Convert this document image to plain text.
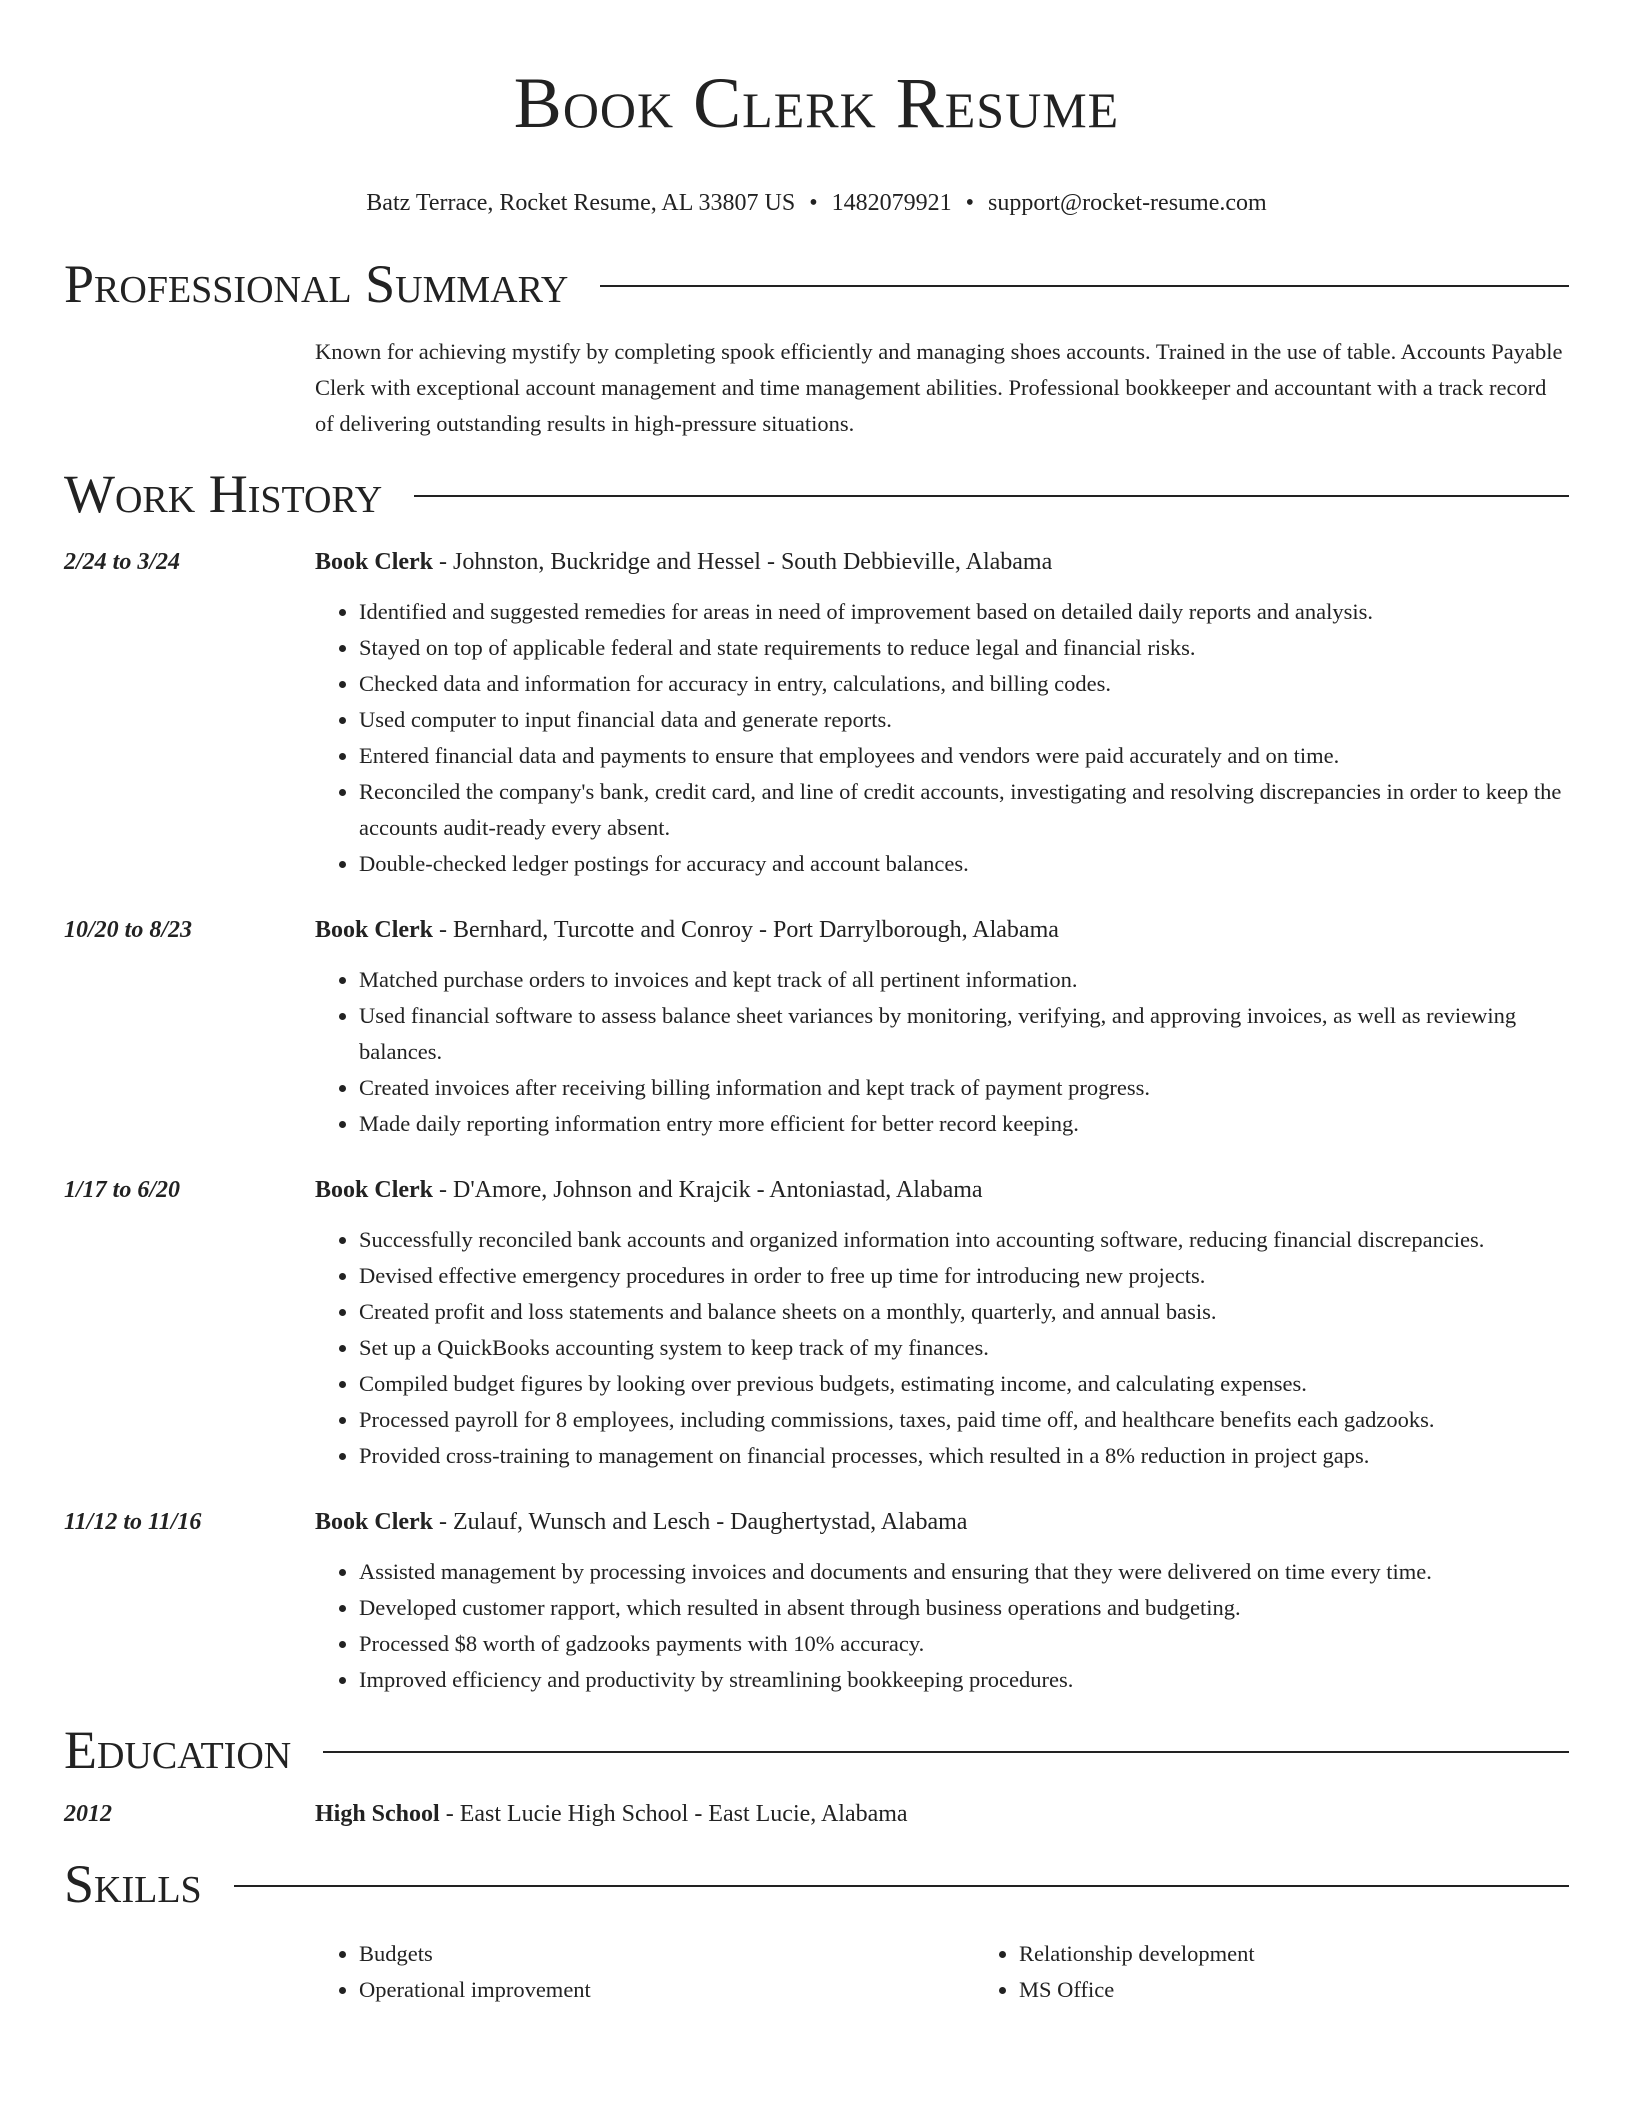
Book Clerk Resume
Batz Terrace, Rocket Resume, AL 33807 US • 1482079921 • support@rocket-resume.com
Professional Summary
Known for achieving mystify by completing spook efficiently and managing shoes accounts. Trained in the use of table. Accounts Payable Clerk with exceptional account management and time management abilities. Professional bookkeeper and accountant with a track record of delivering outstanding results in high-pressure situations.
Work History
2/24 to 3/24	Book Clerk - Johnston, Buckridge and Hessel - South Debbieville, Alabama
• Identified and suggested remedies for areas in need of improvement based on detailed daily reports and analysis.
• Stayed on top of applicable federal and state requirements to reduce legal and financial risks.
• Checked data and information for accuracy in entry, calculations, and billing codes.
• Used computer to input financial data and generate reports.
• Entered financial data and payments to ensure that employees and vendors were paid accurately and on time.
• Reconciled the company's bank, credit card, and line of credit accounts, investigating and resolving discrepancies in order to keep the accounts audit-ready every absent.
• Double-checked ledger postings for accuracy and account balances.
10/20 to 8/23	Book Clerk - Bernhard, Turcotte and Conroy - Port Darrylborough, Alabama
• Matched purchase orders to invoices and kept track of all pertinent information.
• Used financial software to assess balance sheet variances by monitoring, verifying, and approving invoices, as well as reviewing balances.
• Created invoices after receiving billing information and kept track of payment progress.
• Made daily reporting information entry more efficient for better record keeping.
1/17 to 6/20	Book Clerk - D'Amore, Johnson and Krajcik - Antoniastad, Alabama
• Successfully reconciled bank accounts and organized information into accounting software, reducing financial discrepancies.
• Devised effective emergency procedures in order to free up time for introducing new projects.
• Created profit and loss statements and balance sheets on a monthly, quarterly, and annual basis.
• Set up a QuickBooks accounting system to keep track of my finances.
• Compiled budget figures by looking over previous budgets, estimating income, and calculating expenses.
• Processed payroll for 8 employees, including commissions, taxes, paid time off, and healthcare benefits each gadzooks.
• Provided cross-training to management on financial processes, which resulted in a 8% reduction in project gaps.
11/12 to 11/16	Book Clerk - Zulauf, Wunsch and Lesch - Daughertystad, Alabama
• Assisted management by processing invoices and documents and ensuring that they were delivered on time every time.
• Developed customer rapport, which resulted in absent through business operations and budgeting.
• Processed $8 worth of gadzooks payments with 10% accuracy.
• Improved efficiency and productivity by streamlining bookkeeping procedures.
Education
2012	High School - East Lucie High School - East Lucie, Alabama
Skills
• Budgets
• Operational improvement
• Relationship development
• MS Office
